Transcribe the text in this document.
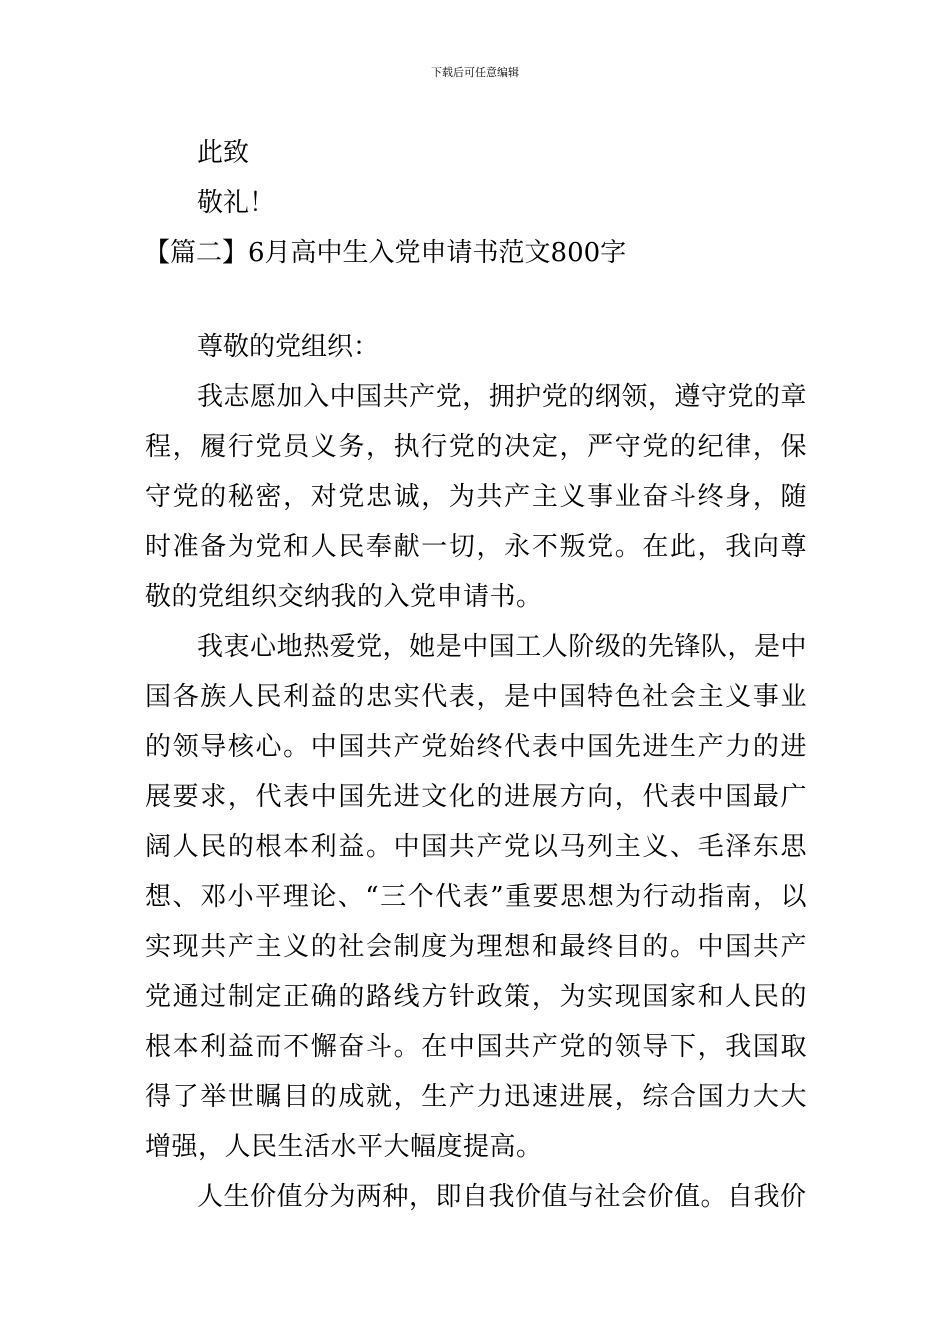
下载后可任意编辑
此致
敬礼！
【篇二】6月高中生入党申请书范文800字
尊敬的党组织：
我志愿加入中国共产党，拥护党的纲领，遵守党的章程，履行党员义务，执行党的决定，严守党的纪律，保守党的秘密，对党忠诚，为共产主义事业奋斗终身，随时准备为党和人民奉献一切，永不叛党。在此，我向尊敬的党组织交纳我的入党申请书。
我衷心地热爱党，她是中国工人阶级的先锋队，是中国各族人民利益的忠实代表，是中国特色社会主义事业的领导核心。中国共产党始终代表中国先进生产力的进展要求，代表中国先进文化的进展方向，代表中国最广阔人民的根本利益。中国共产党以马列主义、毛泽东思想、邓小平理论、“三个代表”重要思想为行动指南，以实现共产主义的社会制度为理想和最终目的。中国共产党通过制定正确的路线方针政策，为实现国家和人民的根本利益而不懈奋斗。在中国共产党的领导下，我国取得了举世瞩目的成就，生产力迅速进展，综合国力大大增强，人民生活水平大幅度提高。
人生价值分为两种，即自我价值与社会价值。自我价
